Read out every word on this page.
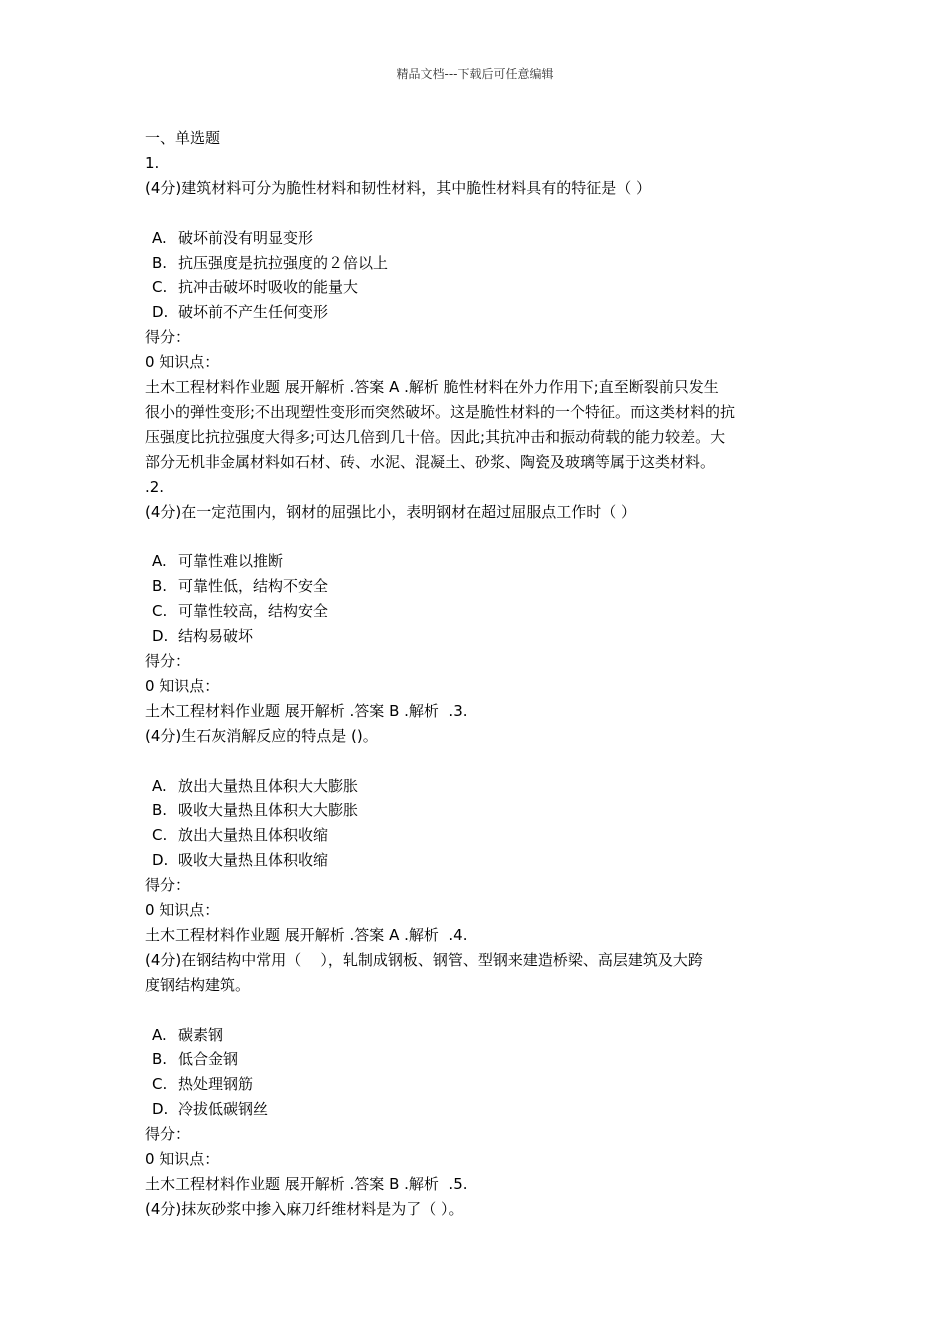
精品文档---下载后可任意编辑
一、单选题
1.
(4分)建筑材料可分为脆性材料和韧性材料，其中脆性材料具有的特征是（ ）
A. 破坏前没有明显变形
B. 抗压强度是抗拉强度的２倍以上
C. 抗冲击破坏时吸收的能量大
D. 破坏前不产生任何变形
得分：
0 知识点：
土木工程材料作业题 展开解析 .答案 A .解析 脆性材料在外力作用下;直至断裂前只发生
很小的弹性变形;不出现塑性变形而突然破坏。这是脆性材料的一个特征。而这类材料的抗
压强度比抗拉强度大得多;可达几倍到几十倍。因此;其抗冲击和振动荷载的能力较差。大
部分无机非金属材料如石材、砖、水泥、混凝土、砂浆、陶瓷及玻璃等属于这类材料。
.2.
(4分)在一定范围内，钢材的屈强比小，表明钢材在超过屈服点工作时（ ）
A. 可靠性难以推断
B. 可靠性低，结构不安全
C. 可靠性较高，结构安全
D. 结构易破坏
得分：
0 知识点：
土木工程材料作业题 展开解析 .答案 B .解析  .3.
(4分)生石灰消解反应的特点是 ()。
A. 放出大量热且体积大大膨胀
B. 吸收大量热且体积大大膨胀
C. 放出大量热且体积收缩
D. 吸收大量热且体积收缩
得分：
0 知识点：
土木工程材料作业题 展开解析 .答案 A .解析  .4.
(4分)在钢结构中常用（    ），轧制成钢板、钢管、型钢来建造桥梁、高层建筑及大跨
度钢结构建筑。
A. 碳素钢
B. 低合金钢
C. 热处理钢筋
D. 冷拔低碳钢丝
得分：
0 知识点：
土木工程材料作业题 展开解析 .答案 B .解析  .5.
(4分)抹灰砂浆中掺入麻刀纤维材料是为了（ ）。
